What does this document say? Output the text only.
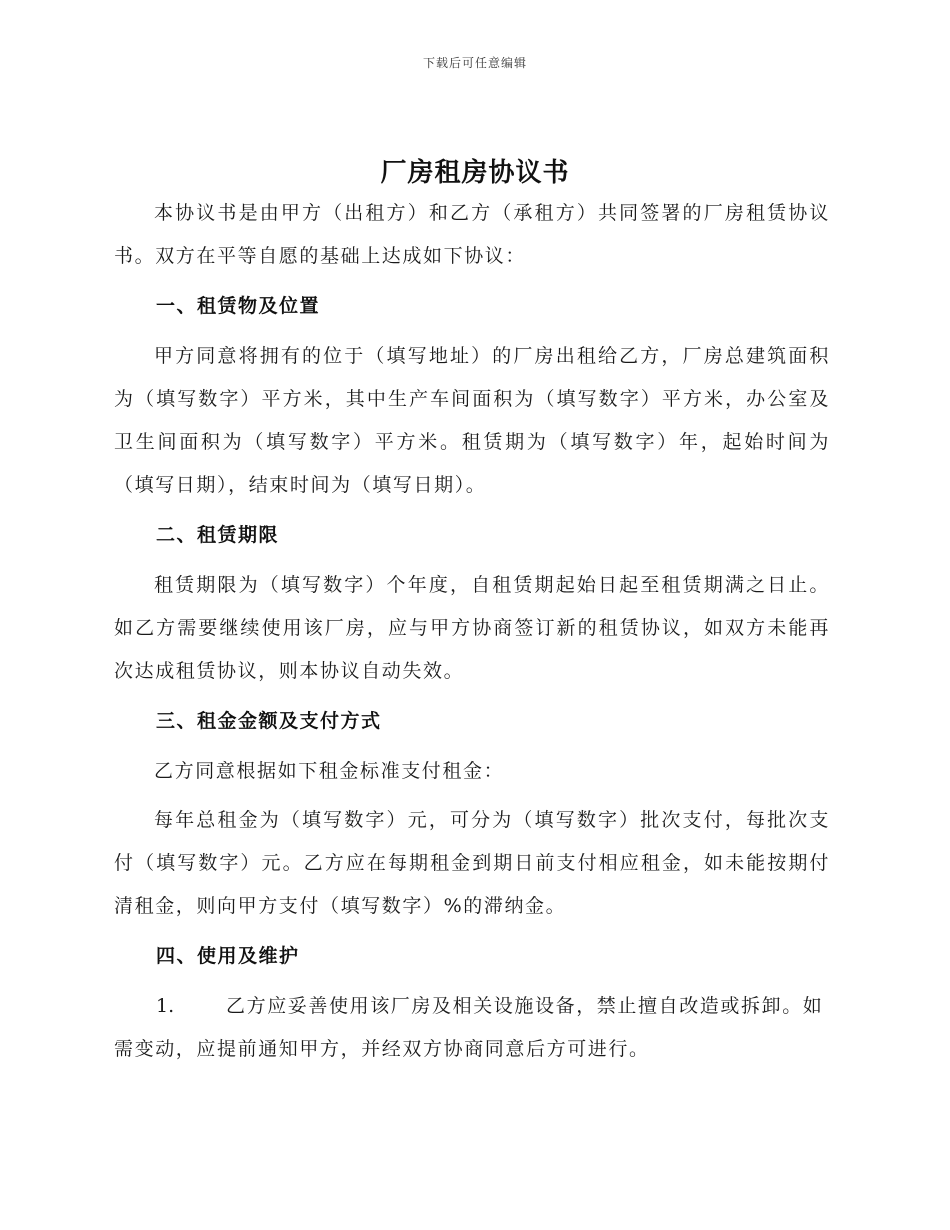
下载后可任意编辑
厂房租房协议书

本协议书是由甲方（出租方）和乙方（承租方）共同签署的厂房租赁协议书。双方在平等自愿的基础上达成如下协议：

一、租赁物及位置

甲方同意将拥有的位于（填写地址）的厂房出租给乙方，厂房总建筑面积为（填写数字）平方米，其中生产车间面积为（填写数字）平方米，办公室及卫生间面积为（填写数字）平方米。租赁期为（填写数字）年，起始时间为（填写日期），结束时间为（填写日期）。

二、租赁期限

租赁期限为（填写数字）个年度，自租赁期起始日起至租赁期满之日止。如乙方需要继续使用该厂房，应与甲方协商签订新的租赁协议，如双方未能再次达成租赁协议，则本协议自动失效。

三、租金金额及支付方式

乙方同意根据如下租金标准支付租金：

每年总租金为（填写数字）元，可分为（填写数字）批次支付，每批次支付（填写数字）元。乙方应在每期租金到期日前支付相应租金，如未能按期付清租金，则向甲方支付（填写数字）%的滞纳金。

四、使用及维护

1.	乙方应妥善使用该厂房及相关设施设备，禁止擅自改造或拆卸。如需变动，应提前通知甲方，并经双方协商同意后方可进行。
